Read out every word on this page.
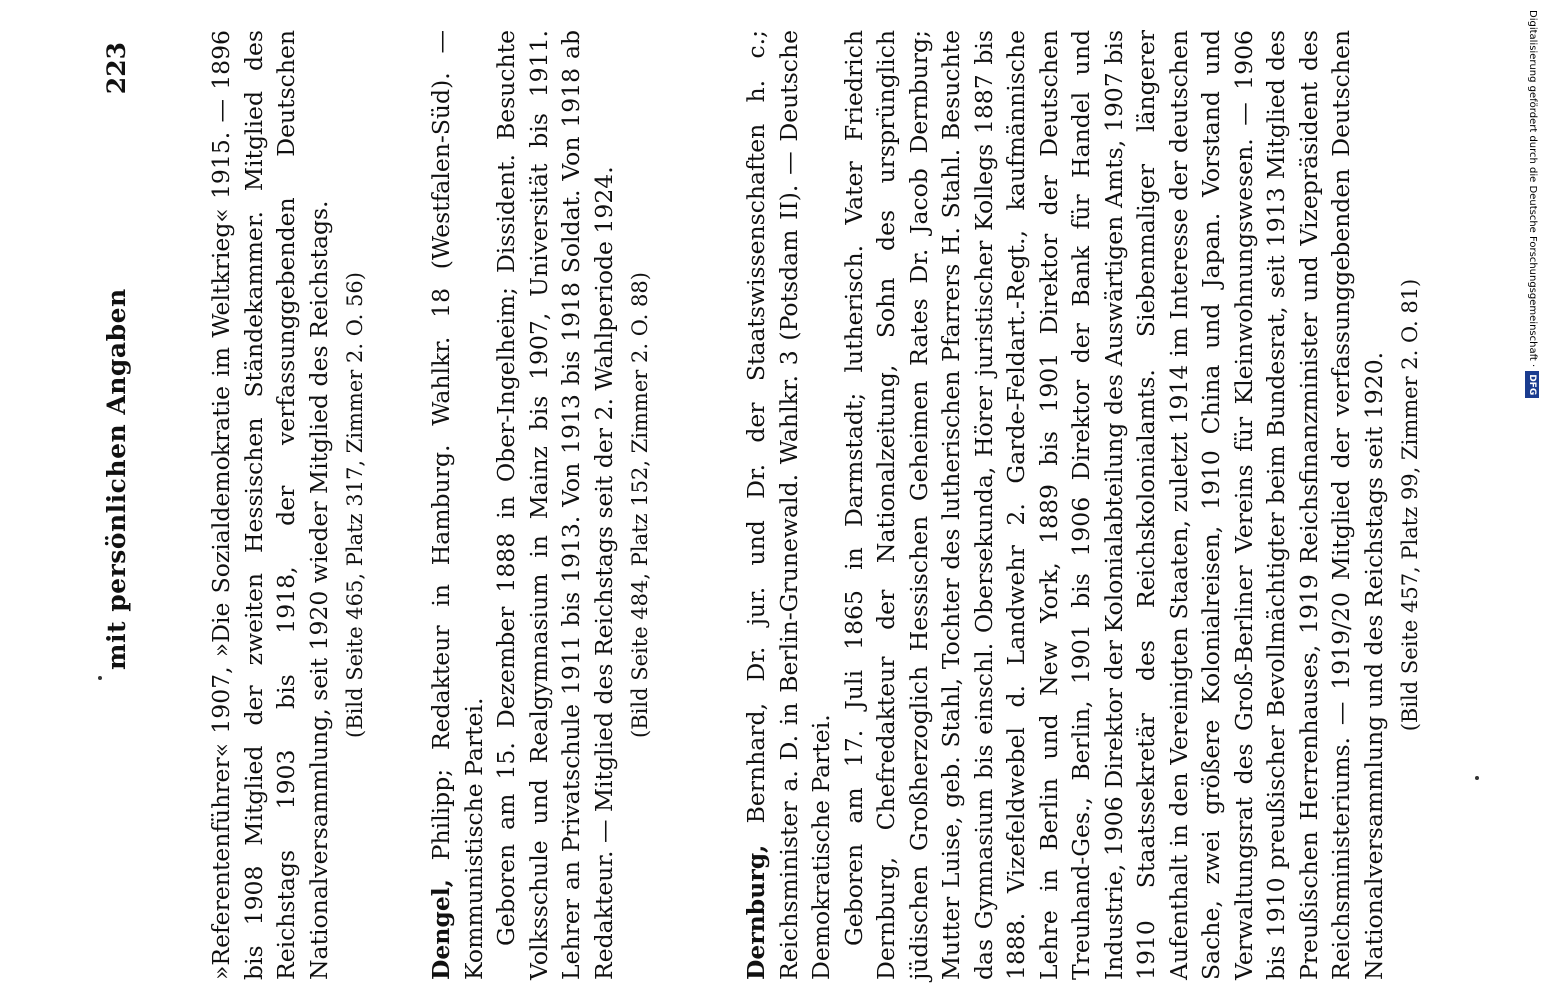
mit persönlichen Angaben
223	»Referentenführer« 1907, »Die Sozialdemokratie im Weltkrieg« 1915. — 1896 bis 1908 Mitglied der zweiten Hessischen Ständekammer. Mitglied des Reichstags 1903 bis 1918, der verfassunggebenden Deutschen Nationalversammlung, seit 1920 wieder Mitglied des Reichstags. (Bild Seite 465, Platz 317, Zimmer 2. O. 56)

Dengel, Philipp; Redakteur in Hamburg. Wahlkr. 18 (Westfalen-Süd). — Kommunistische Partei. Geboren am 15. Dezember 1888 in Ober-Ingelheim; Dissident. Besuchte Volksschule und Realgymnasium in Mainz bis 1907, Universität bis 1911. Lehrer an Privatschule 1911 bis 1913. Von 1913 bis 1918 Soldat. Von 1918 ab Redakteur. — Mitglied des Reichstags seit der 2. Wahlperiode 1924. (Bild Seite 484, Platz 152, Zimmer 2. O. 88)

Dernburg, Bernhard, Dr. jur. und Dr. der Staatswissenschaften h. c.; Reichsminister a. D. in Berlin-Grunewald. Wahlkr. 3 (Potsdam II). — Deutsche Demokratische Partei. Geboren am 17. Juli 1865 in Darmstadt; lutherisch. Vater Friedrich Dernburg, Chefredakteur der Nationalzeitung, Sohn des ursprünglich jüdischen Großherzoglich Hessischen Geheimen Rates Dr. Jacob Dernburg; Mutter Luise, geb. Stahl, Tochter des lutherischen Pfarrers H. Stahl. Besuchte das Gymnasium bis einschl. Obersekunda, Hörer juristischer Kollegs 1887 bis 1888. Vizefeldwebel d. Landwehr 2. Garde-Feldart.-Regt., kaufmännische Lehre in Berlin und New York, 1889 bis 1901 Direktor der Deutschen Treuhand-Ges., Berlin, 1901 bis 1906 Direktor der Bank für Handel und Industrie, 1906 Direktor der Kolonialabteilung des Auswärtigen Amts, 1907 bis 1910 Staatssekretär des Reichskolonialamts. Siebenmaliger längerer Aufenthalt in den Vereinigten Staaten, zuletzt 1914 im Interesse der deutschen Sache, zwei größere Kolonialreisen, 1910 China und Japan. Vorstand und Verwaltungsrat des Groß-Berliner Vereins für Kleinwohnungswesen. — 1906 bis 1910 preußischer Bevollmächtigter beim Bundesrat, seit 1913 Mitglied des Preußischen Herrenhauses, 1919 Reichsfinanzminister und Vizepräsident des Reichsministeriums. — 1919/20 Mitglied der verfassunggebenden Deutschen Nationalversammlung und des Reichstags seit 1920. (Bild Seite 457, Platz 99, Zimmer 2. O. 81)
Digitalisierung gefördert durch die Deutsche Forschungsgemeinschaft ·DFG
